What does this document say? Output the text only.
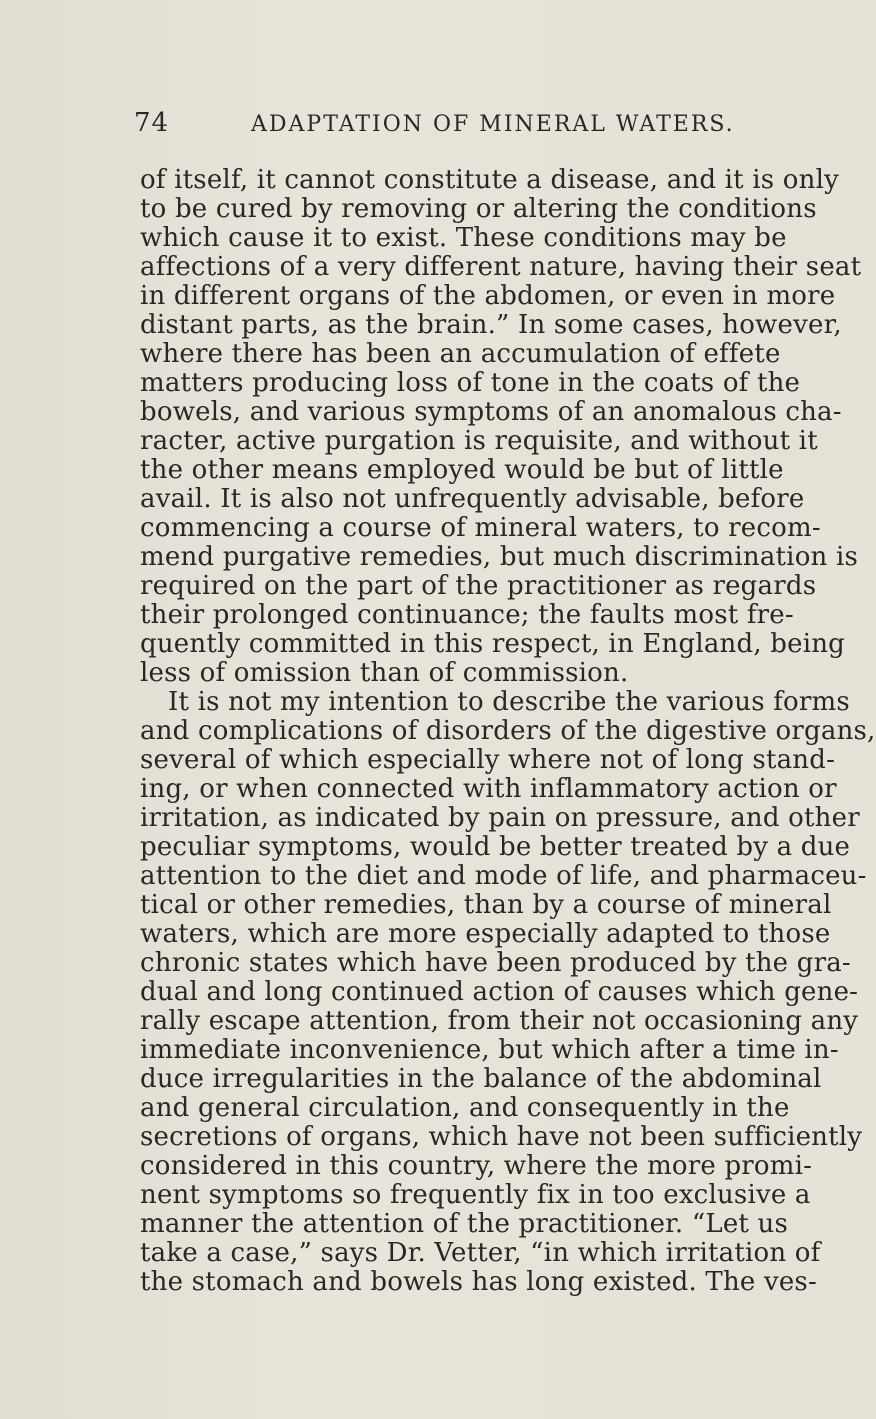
74	ADAPTATION OF MINERAL WATERS.
of itself, it cannot constitute a disease, and it is only
to be cured by removing or altering the conditions
which cause it to exist. These conditions may be
affections of a very different nature, having their seat
in different organs of the abdomen, or even in more
distant parts, as the brain.” In some cases, however,
where there has been an accumulation of effete
matters producing loss of tone in the coats of the
bowels, and various symptoms of an anomalous cha-
racter, active purgation is requisite, and without it
the other means employed would be but of little
avail. It is also not unfrequently advisable, before
commencing a course of mineral waters, to recom-
mend purgative remedies, but much discrimination is
required on the part of the practitioner as regards
their prolonged continuance; the faults most fre-
quently committed in this respect, in England, being
less of omission than of commission.
It is not my intention to describe the various forms
and complications of disorders of the digestive organs,
several of which especially where not of long stand-
ing, or when connected with inflammatory action or
irritation, as indicated by pain on pressure, and other
peculiar symptoms, would be better treated by a due
attention to the diet and mode of life, and pharmaceu-
tical or other remedies, than by a course of mineral
waters, which are more especially adapted to those
chronic states which have been produced by the gra-
dual and long continued action of causes which gene-
rally escape attention, from their not occasioning any
immediate inconvenience, but which after a time in-
duce irregularities in the balance of the abdominal
and general circulation, and consequently in the
secretions of organs, which have not been sufficiently
considered in this country, where the more promi-
nent symptoms so frequently fix in too exclusive a
manner the attention of the practitioner. “Let us
take a case,” says Dr. Vetter, “in which irritation of
the stomach and bowels has long existed. The ves-
